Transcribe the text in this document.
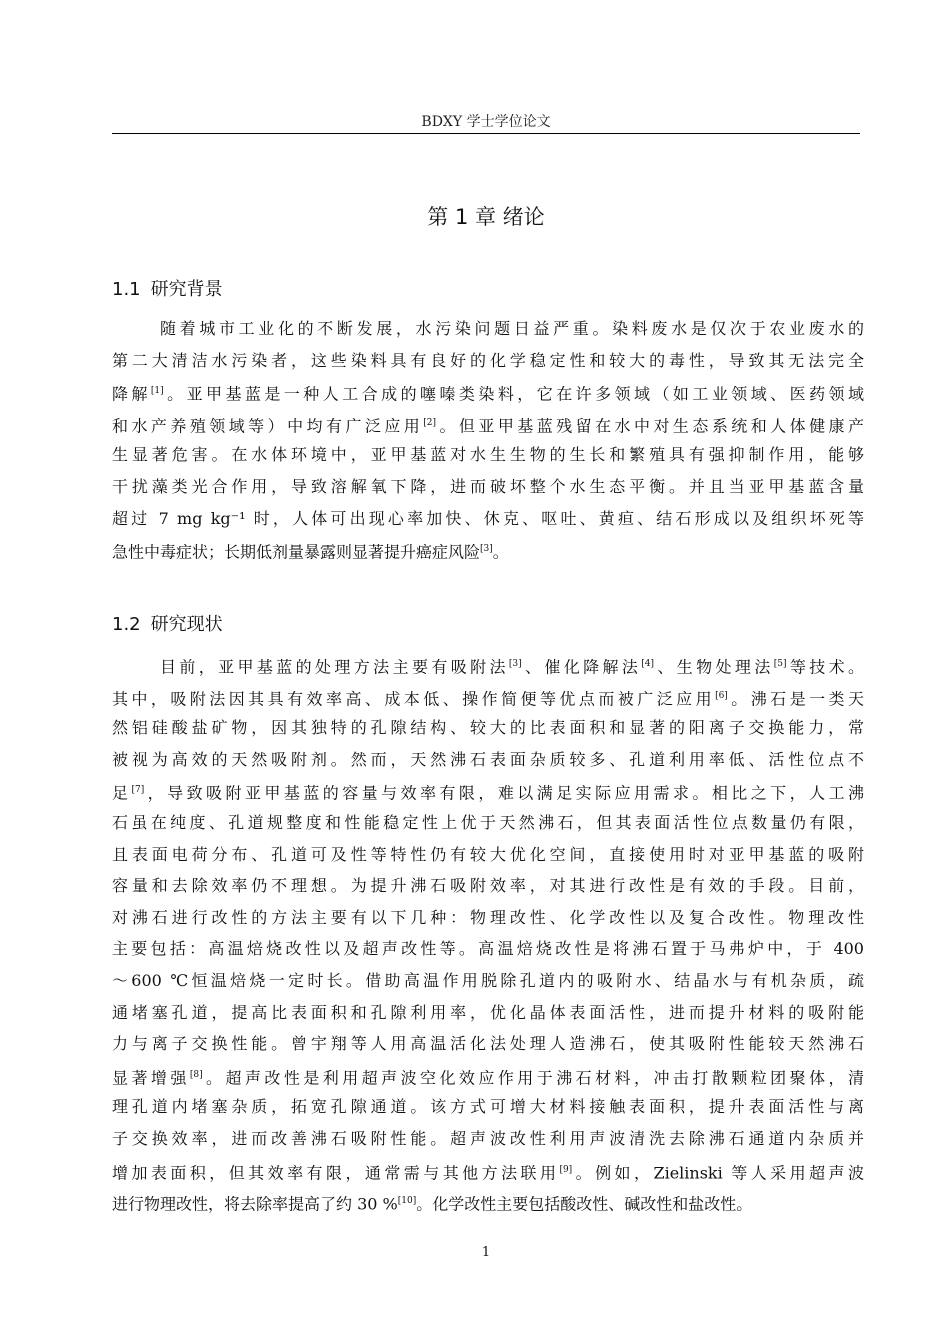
BDXY 学士学位论文
第 1 章 绪论
1.1 研究背景
随着城市工业化的不断发展，水污染问题日益严重。染料废水是仅次于农业废水的
第二大清洁水污染者，这些染料具有良好的化学稳定性和较大的毒性，导致其无法完全
降解[1]。亚甲基蓝是一种人工合成的噻嗪类染料，它在许多领域（如工业领域、医药领域
和水产养殖领域等）中均有广泛应用[2]。但亚甲基蓝残留在水中对生态系统和人体健康产
生显著危害。在水体环境中，亚甲基蓝对水生生物的生长和繁殖具有强抑制作用，能够
干扰藻类光合作用，导致溶解氧下降，进而破坏整个水生态平衡。并且当亚甲基蓝含量
超过 7 mg kg⁻¹ 时，人体可出现心率加快、休克、呕吐、黄疸、结石形成以及组织坏死等
急性中毒症状；长期低剂量暴露则显著提升癌症风险[3]。
1.2 研究现状
目前，亚甲基蓝的处理方法主要有吸附法[3]、催化降解法[4]、生物处理法[5]等技术。
其中，吸附法因其具有效率高、成本低、操作简便等优点而被广泛应用[6]。沸石是一类天
然铝硅酸盐矿物，因其独特的孔隙结构、较大的比表面积和显著的阳离子交换能力，常
被视为高效的天然吸附剂。然而，天然沸石表面杂质较多、孔道利用率低、活性位点不
足[7]，导致吸附亚甲基蓝的容量与效率有限，难以满足实际应用需求。相比之下，人工沸
石虽在纯度、孔道规整度和性能稳定性上优于天然沸石，但其表面活性位点数量仍有限，
且表面电荷分布、孔道可及性等特性仍有较大优化空间，直接使用时对亚甲基蓝的吸附
容量和去除效率仍不理想。为提升沸石吸附效率，对其进行改性是有效的手段。目前，
对沸石进行改性的方法主要有以下几种：物理改性、化学改性以及复合改性。物理改性
主要包括：高温焙烧改性以及超声改性等。高温焙烧改性是将沸石置于马弗炉中，于 400
～600 ℃恒温焙烧一定时长。借助高温作用脱除孔道内的吸附水、结晶水与有机杂质，疏
通堵塞孔道，提高比表面积和孔隙利用率，优化晶体表面活性，进而提升材料的吸附能
力与离子交换性能。曾宇翔等人用高温活化法处理人造沸石，使其吸附性能较天然沸石
显著增强[8]。超声改性是利用超声波空化效应作用于沸石材料，冲击打散颗粒团聚体，清
理孔道内堵塞杂质，拓宽孔隙通道。该方式可增大材料接触表面积，提升表面活性与离
子交换效率，进而改善沸石吸附性能。超声波改性利用声波清洗去除沸石通道内杂质并
增加表面积，但其效率有限，通常需与其他方法联用[9]。例如，Zielinski 等人采用超声波
进行物理改性，将去除率提高了约 30 %[10]。化学改性主要包括酸改性、碱改性和盐改性。
1
